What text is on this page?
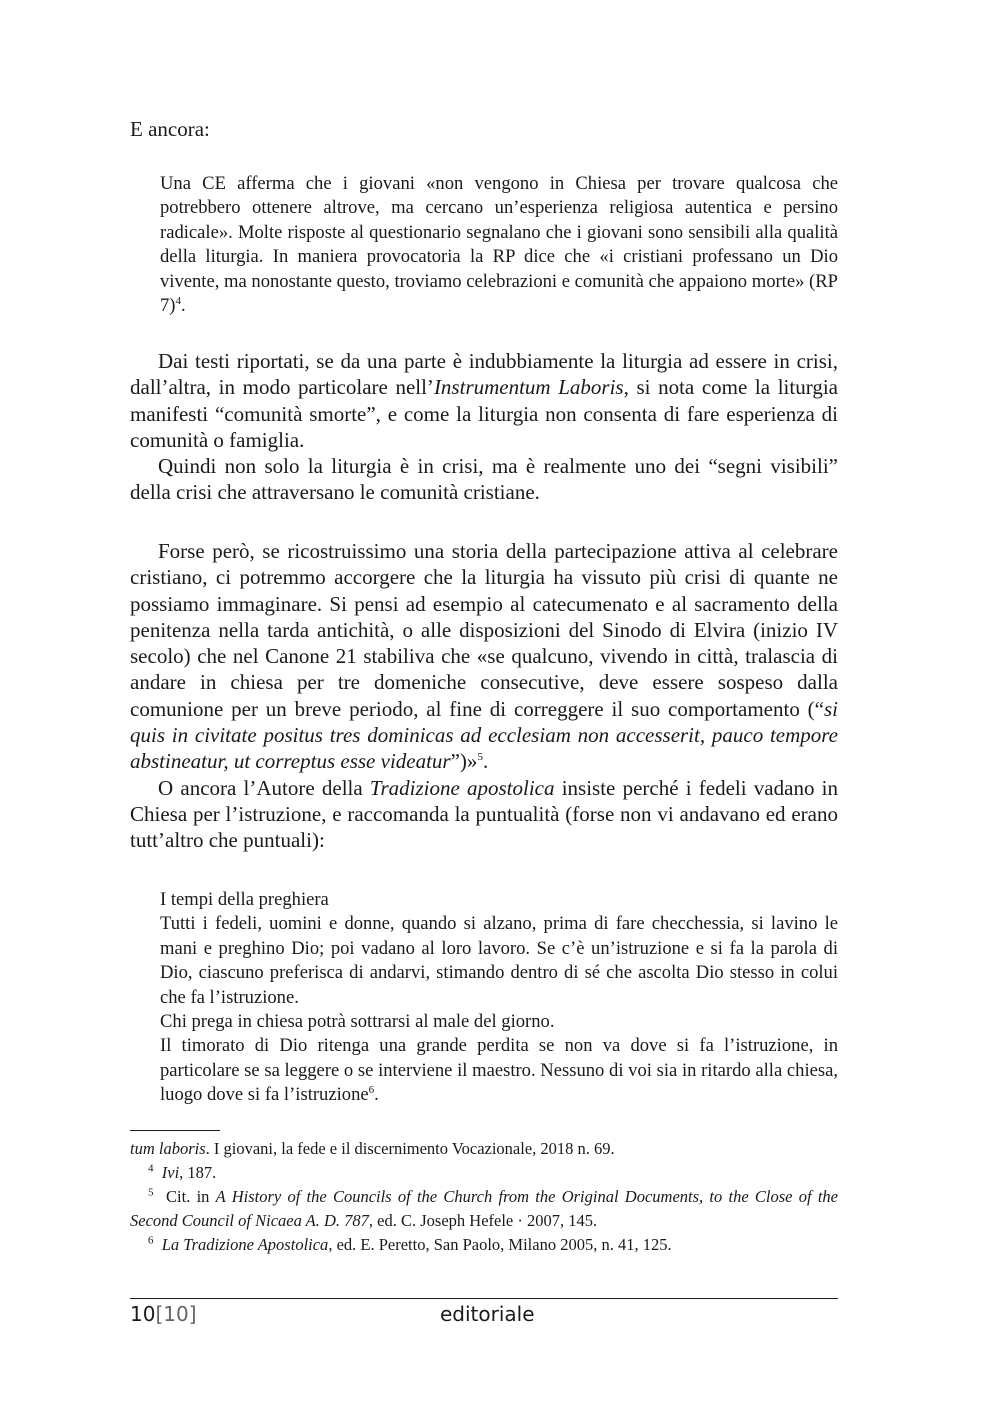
E ancora:

Una CE afferma che i giovani «non vengono in Chiesa per trovare qualcosa che potrebbero ottenere altrove, ma cercano un’esperienza religiosa autentica e persino radicale». Molte risposte al questionario segnalano che i giovani sono sensibili alla qualità della liturgia. In maniera provocatoria la RP dice che «i cristiani professano un Dio vivente, ma nonostante questo, troviamo celebrazioni e comunità che appaiono morte» (RP 7)$^4$.

Dai testi riportati, se da una parte è indubbiamente la liturgia ad essere in crisi, dall’altra, in modo particolare nell’Instrumentum Laboris, si nota come la liturgia manifesti “comunità smorte”, e come la liturgia non consenta di fare esperienza di comunità o famiglia.

Quindi non solo la liturgia è in crisi, ma è realmente uno dei “segni visibili” della crisi che attraversano le comunità cristiane.

Forse però, se ricostruissimo una storia della partecipazione attiva al celebrare cristiano, ci potremmo accorgere che la liturgia ha vissuto più crisi di quante ne possiamo immaginare. Si pensi ad esempio al catecumenato e al sacramento della penitenza nella tarda antichità, o alle disposizioni del Sinodo di Elvira (inizio IV secolo) che nel Canone 21 stabiliva che «se qualcuno, vivendo in città, tralascia di andare in chiesa per tre domeniche consecutive, deve essere sospeso dalla comunione per un breve periodo, al fine di correggere il suo comportamento (“si quis in civitate positus tres dominicas ad ecclesiam non accesserit, pauco tempore abstineatur, ut correptus esse videatur”)»$^5$.

O ancora l’Autore della Tradizione apostolica insiste perché i fedeli vadano in Chiesa per l’istruzione, e raccomanda la puntualità (forse non vi andavano ed erano tutt’altro che puntuali):

I tempi della preghiera

Tutti i fedeli, uomini e donne, quando si alzano, prima di fare checchessia, si lavino le mani e preghino Dio; poi vadano al loro lavoro. Se c’è un’istruzione e si fa la parola di Dio, ciascuno preferisca di andarvi, stimando dentro di sé che ascolta Dio stesso in colui che fa l’istruzione.

Chi prega in chiesa potrà sottrarsi al male del giorno.

Il timorato di Dio ritenga una grande perdita se non va dove si fa l’istruzione, in particolare se sa leggere o se interviene il maestro. Nessuno di voi sia in ritardo alla chiesa, luogo dove si fa l’istruzione$^6$.

tum laboris. I giovani, la fede e il discernimento Vocazionale, 2018 n. 69.

$^4$ Ivi, 187.

$^5$ Cit. in A History of the Councils of the Church from the Original Documents, to the Close of the Second Council of Nicaea A. D. 787, ed. C. Joseph Hefele · 2007, 145.

$^6$ La Tradizione Apostolica, ed. E. Peretto, San Paolo, Milano 2005, n. 41, 125.

10[10]	editoriale
